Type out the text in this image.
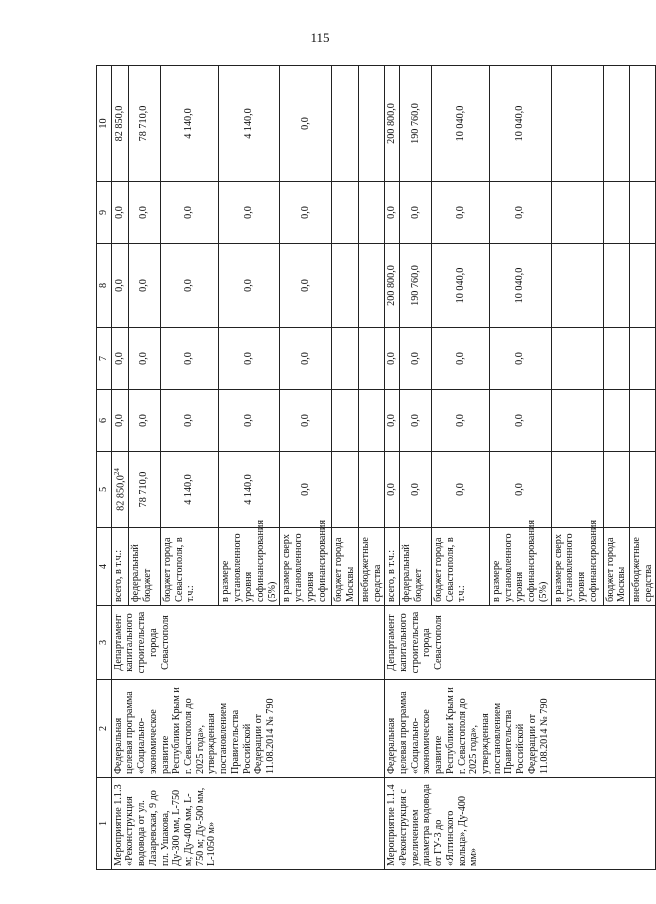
115
1	2	3	4	5	6	7	8	9	10
Мероприятие 1.1.3 «Реконструкция водовода от ул. Лазаревская, 9 до пл. Ушакова, Ду-300 мм, L-750 м; Ду-400 мм, L-750 м; Ду-500 мм, L-1050 м»	Федеральная целевая программа «Социально-экономическое развитие Республики Крым и г. Севастополя до 2025 года», утвержденная постановлением Правительства Российской Федерации от 11.08.2014 № 790	Департамент капитального строительства города Севастополя	всего, в т.ч.:	82 850,0$^{24}$	0,0	0,0	0,0	0,0	82 850,0
			федеральный бюджет	78 710,0	0,0	0,0	0,0	0,0	78 710,0
			бюджет города Севастополя, в т.ч.:	4 140,0	0,0	0,0	0,0	0,0	4 140,0
			в размере установленного уровня софинансирования (5%)	4 140,0	0,0	0,0	0,0	0,0	4 140,0
			в размере сверх установленного уровня софинансирования	0,0	0,0	0,0	0,0	0,0	0,0
			бюджет города Москвы						
			внебюджетные средства						
Мероприятие 1.1.4 «Реконструкция с увеличением диаметра водовода от ГУ-3 до «Ялтинского кольца», Ду-400 мм»	Федеральная целевая программа «Социально-экономическое развитие Республики Крым и г. Севастополя до 2025 года», утвержденная постановлением Правительства Российской Федерации от 11.08.2014 № 790	Департамент капитального строительства города Севастополя	всего, в т.ч.:	0,0	0,0	0,0	200 800,0	0,0	200 800,0
			федеральный бюджет	0,0	0,0	0,0	190 760,0	0,0	190 760,0
			бюджет города Севастополя, в т.ч.:	0,0	0,0	0,0	10 040,0	0,0	10 040,0
			в размере установленного уровня софинансирования (5%)	0,0	0,0	0,0	10 040,0	0,0	10 040,0
			в размере сверх установленного уровня софинансирования						
			бюджет города Москвы						
			внебюджетные средства						
